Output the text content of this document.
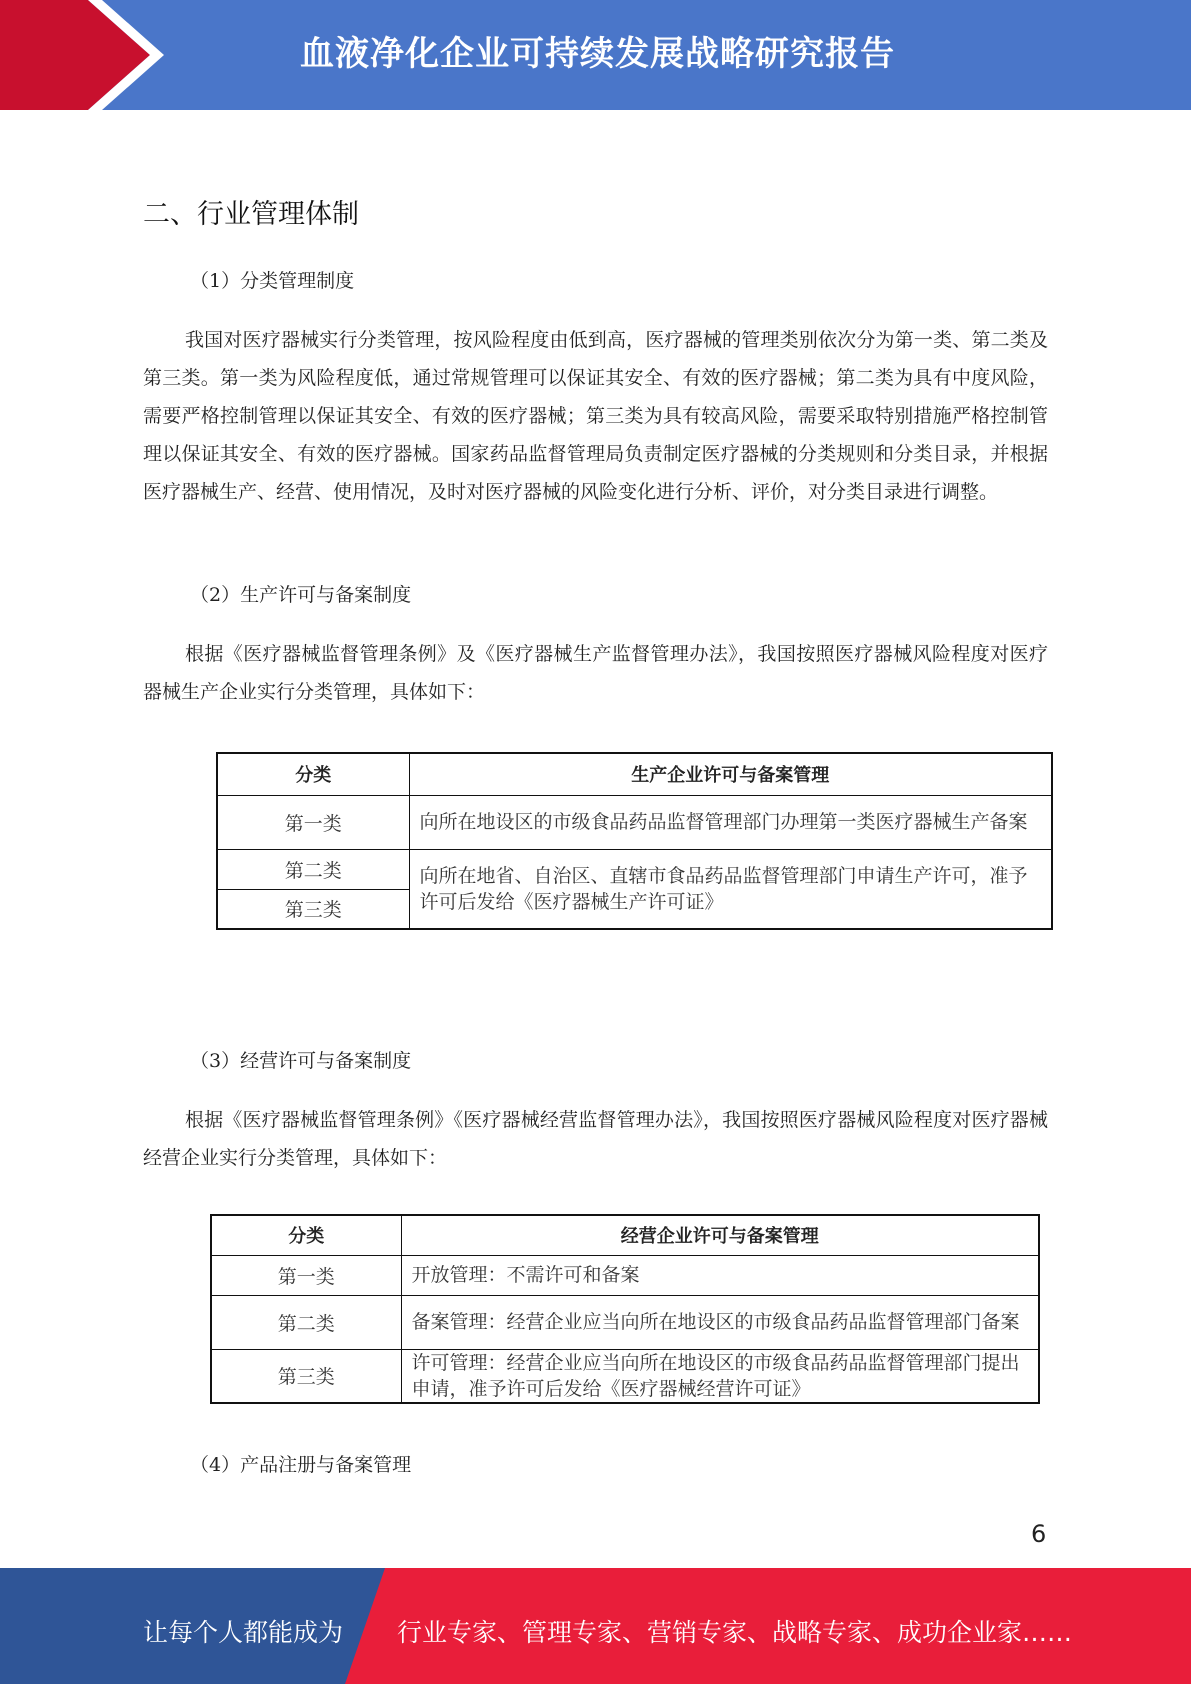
血液净化企业可持续发展战略研究报告
二、行业管理体制
（1）分类管理制度
我国对医疗器械实行分类管理，按风险程度由低到高，医疗器械的管理类别依次分为第一类、第二类及第三类。第一类为风险程度低，通过常规管理可以保证其安全、有效的医疗器械；第二类为具有中度风险，需要严格控制管理以保证其安全、有效的医疗器械；第三类为具有较高风险，需要采取特别措施严格控制管理以保证其安全、有效的医疗器械。国家药品监督管理局负责制定医疗器械的分类规则和分类目录，并根据医疗器械生产、经营、使用情况，及时对医疗器械的风险变化进行分析、评价，对分类目录进行调整。
（2）生产许可与备案制度
根据《医疗器械监督管理条例》及《医疗器械生产监督管理办法》，我国按照医疗器械风险程度对医疗器械生产企业实行分类管理，具体如下：
分类	生产企业许可与备案管理
第一类	向所在地设区的市级食品药品监督管理部门办理第一类医疗器械生产备案
第二类	向所在地省、自治区、直辖市食品药品监督管理部门申请生产许可，准予许可后发给《医疗器械生产许可证》
第三类	
（3）经营许可与备案制度
根据《医疗器械监督管理条例》《医疗器械经营监督管理办法》，我国按照医疗器械风险程度对医疗器械经营企业实行分类管理，具体如下：
分类	经营企业许可与备案管理
第一类	开放管理：不需许可和备案
第二类	备案管理：经营企业应当向所在地设区的市级食品药品监督管理部门备案
第三类	许可管理：经营企业应当向所在地设区的市级食品药品监督管理部门提出申请，准予许可后发给《医疗器械经营许可证》
（4）产品注册与备案管理
6
让每个人都能成为 行业专家、管理专家、营销专家、战略专家、成功企业家……
